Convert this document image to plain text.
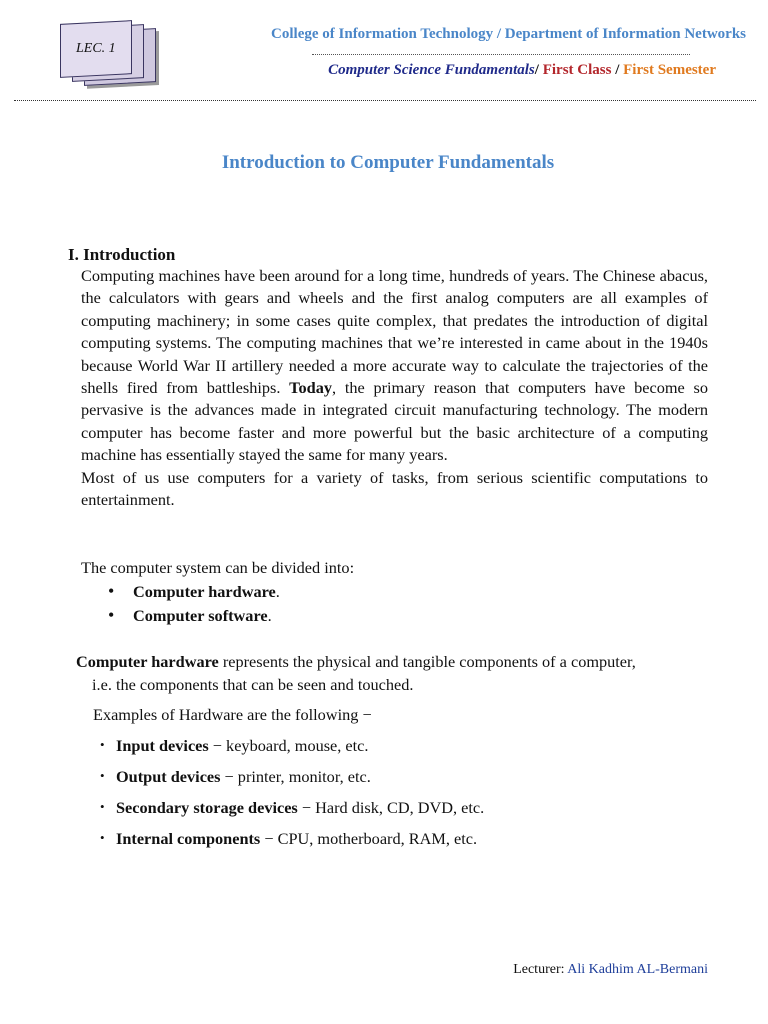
LEC. 1
College of Information Technology / Department of Information Networks
Computer Science Fundamentals/ First Class / First Semester
Introduction to Computer Fundamentals
I. Introduction

Computing machines have been around for a long time, hundreds of years. The Chinese abacus, the calculators with gears and wheels and the first analog computers are all examples of computing machinery; in some cases quite complex, that predates the introduction of digital computing systems. The computing machines that we’re interested in came about in the 1940s because World War II artillery needed a more accurate way to calculate the trajectories of the shells fired from battleships. Today, the primary reason that computers have become so pervasive is the advances made in integrated circuit manufacturing technology. The modern computer has become faster and more powerful but the basic architecture of a computing machine has essentially stayed the same for many years.

Most of us use computers for a variety of tasks, from serious scientific computations to entertainment.

The computer system can be divided into:
• Computer hardware.
• Computer software.
Computer hardware represents the physical and tangible components of a computer,
i.e. the components that can be seen and touched.
Examples of Hardware are the following −
• Input devices − keyboard, mouse, etc.
• Output devices − printer, monitor, etc.
• Secondary storage devices − Hard disk, CD, DVD, etc.
• Internal components − CPU, motherboard, RAM, etc.
Lecturer: Ali Kadhim AL-Bermani
